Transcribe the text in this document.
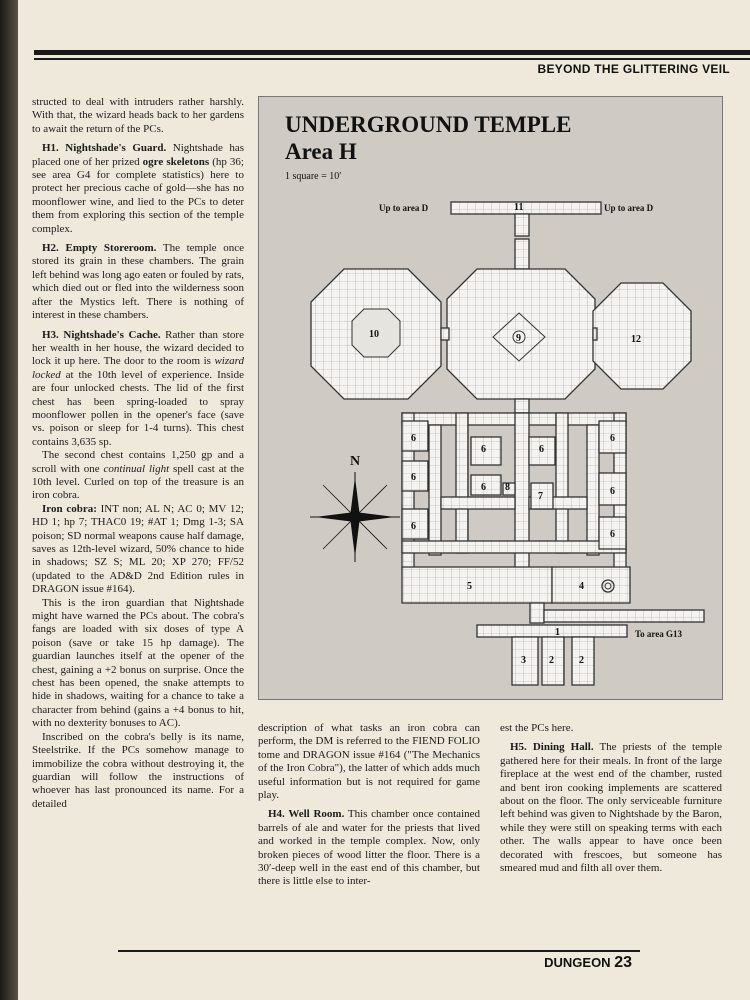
BEYOND THE GLITTERING VEIL

structed to deal with intruders rather harshly. With that, the wizard heads back to her gardens to await the return of the PCs.

H1. Nightshade's Guard. Nightshade has placed one of her prized ogre skeletons (hp 36; see area G4 for complete statistics) here to protect her precious cache of gold—she has no moonflower wine, and lied to the PCs to deter them from exploring this section of the temple complex.

H2. Empty Storeroom. The temple once stored its grain in these chambers. The grain left behind was long ago eaten or fouled by rats, which died out or fled into the wilderness soon after the Mystics left. There is nothing of interest in these chambers.

H3. Nightshade's Cache. Rather than store her wealth in her house, the wizard decided to lock it up here. The door to the room is wizard locked at the 10th level of experience. Inside are four unlocked chests. The lid of the first chest has been spring-loaded to spray moonflower pollen in the opener's face (save vs. poison or sleep for 1-4 turns). This chest contains 3,635 sp.

The second chest contains 1,250 gp and a scroll with one continual light spell cast at the 10th level. Curled on top of the treasure is an iron cobra.

Iron cobra: INT non; AL N; AC 0; MV 12; HD 1; hp 7; THAC0 19; #AT 1; Dmg 1-3; SA poison; SD normal weapons cause half damage, saves as 12th-level wizard, 50% chance to hide in shadows; SZ S; ML 20; XP 270; FF/52 (updated to the AD&D 2nd Edition rules in DRAGON issue #164).

This is the iron guardian that Nightshade might have warned the PCs about. The cobra's fangs are loaded with six doses of type A poison (save or take 15 hp damage). The guardian launches itself at the opener of the chest, gaining a +2 bonus on surprise. Once the chest has been opened, the snake attempts to hide in shadows, waiting for a chance to take a character from behind (gains a +4 bonus to hit, with no dexterity bonuses to AC).

Inscribed on the cobra's belly is its name, Steelstrike. If the PCs somehow manage to immobilize the cobra without destroying it, the guardian will follow the instructions of whoever has last pronounced its name. For a detailed

UNDERGROUND TEMPLE
Area H
1 square = 10′
N
Up to area D	Up to area D
To area G13
11
10	9	12
5	4
1
3 2	2
7
8
6
6
6
6
6
6
6	6
6

description of what tasks an iron cobra can perform, the DM is referred to the FIEND FOLIO tome and DRAGON issue #164 ("The Mechanics of the Iron Cobra"), the latter of which adds much useful information but is not required for game play.

H4. Well Room. This chamber once contained barrels of ale and water for the priests that lived and worked in the temple complex. Now, only broken pieces of wood litter the floor. There is a 30′-deep well in the east end of this chamber, but there is little else to inter-

est the PCs here.

H5. Dining Hall. The priests of the temple gathered here for their meals. In front of the large fireplace at the west end of the chamber, rusted and bent iron cooking implements are scattered about on the floor. The only serviceable furniture left behind was given to Nightshade by the Baron, while they were still on speaking terms with each other. The walls appear to have once been decorated with frescoes, but someone has smeared mud and filth all over them.

DUNGEON 23
